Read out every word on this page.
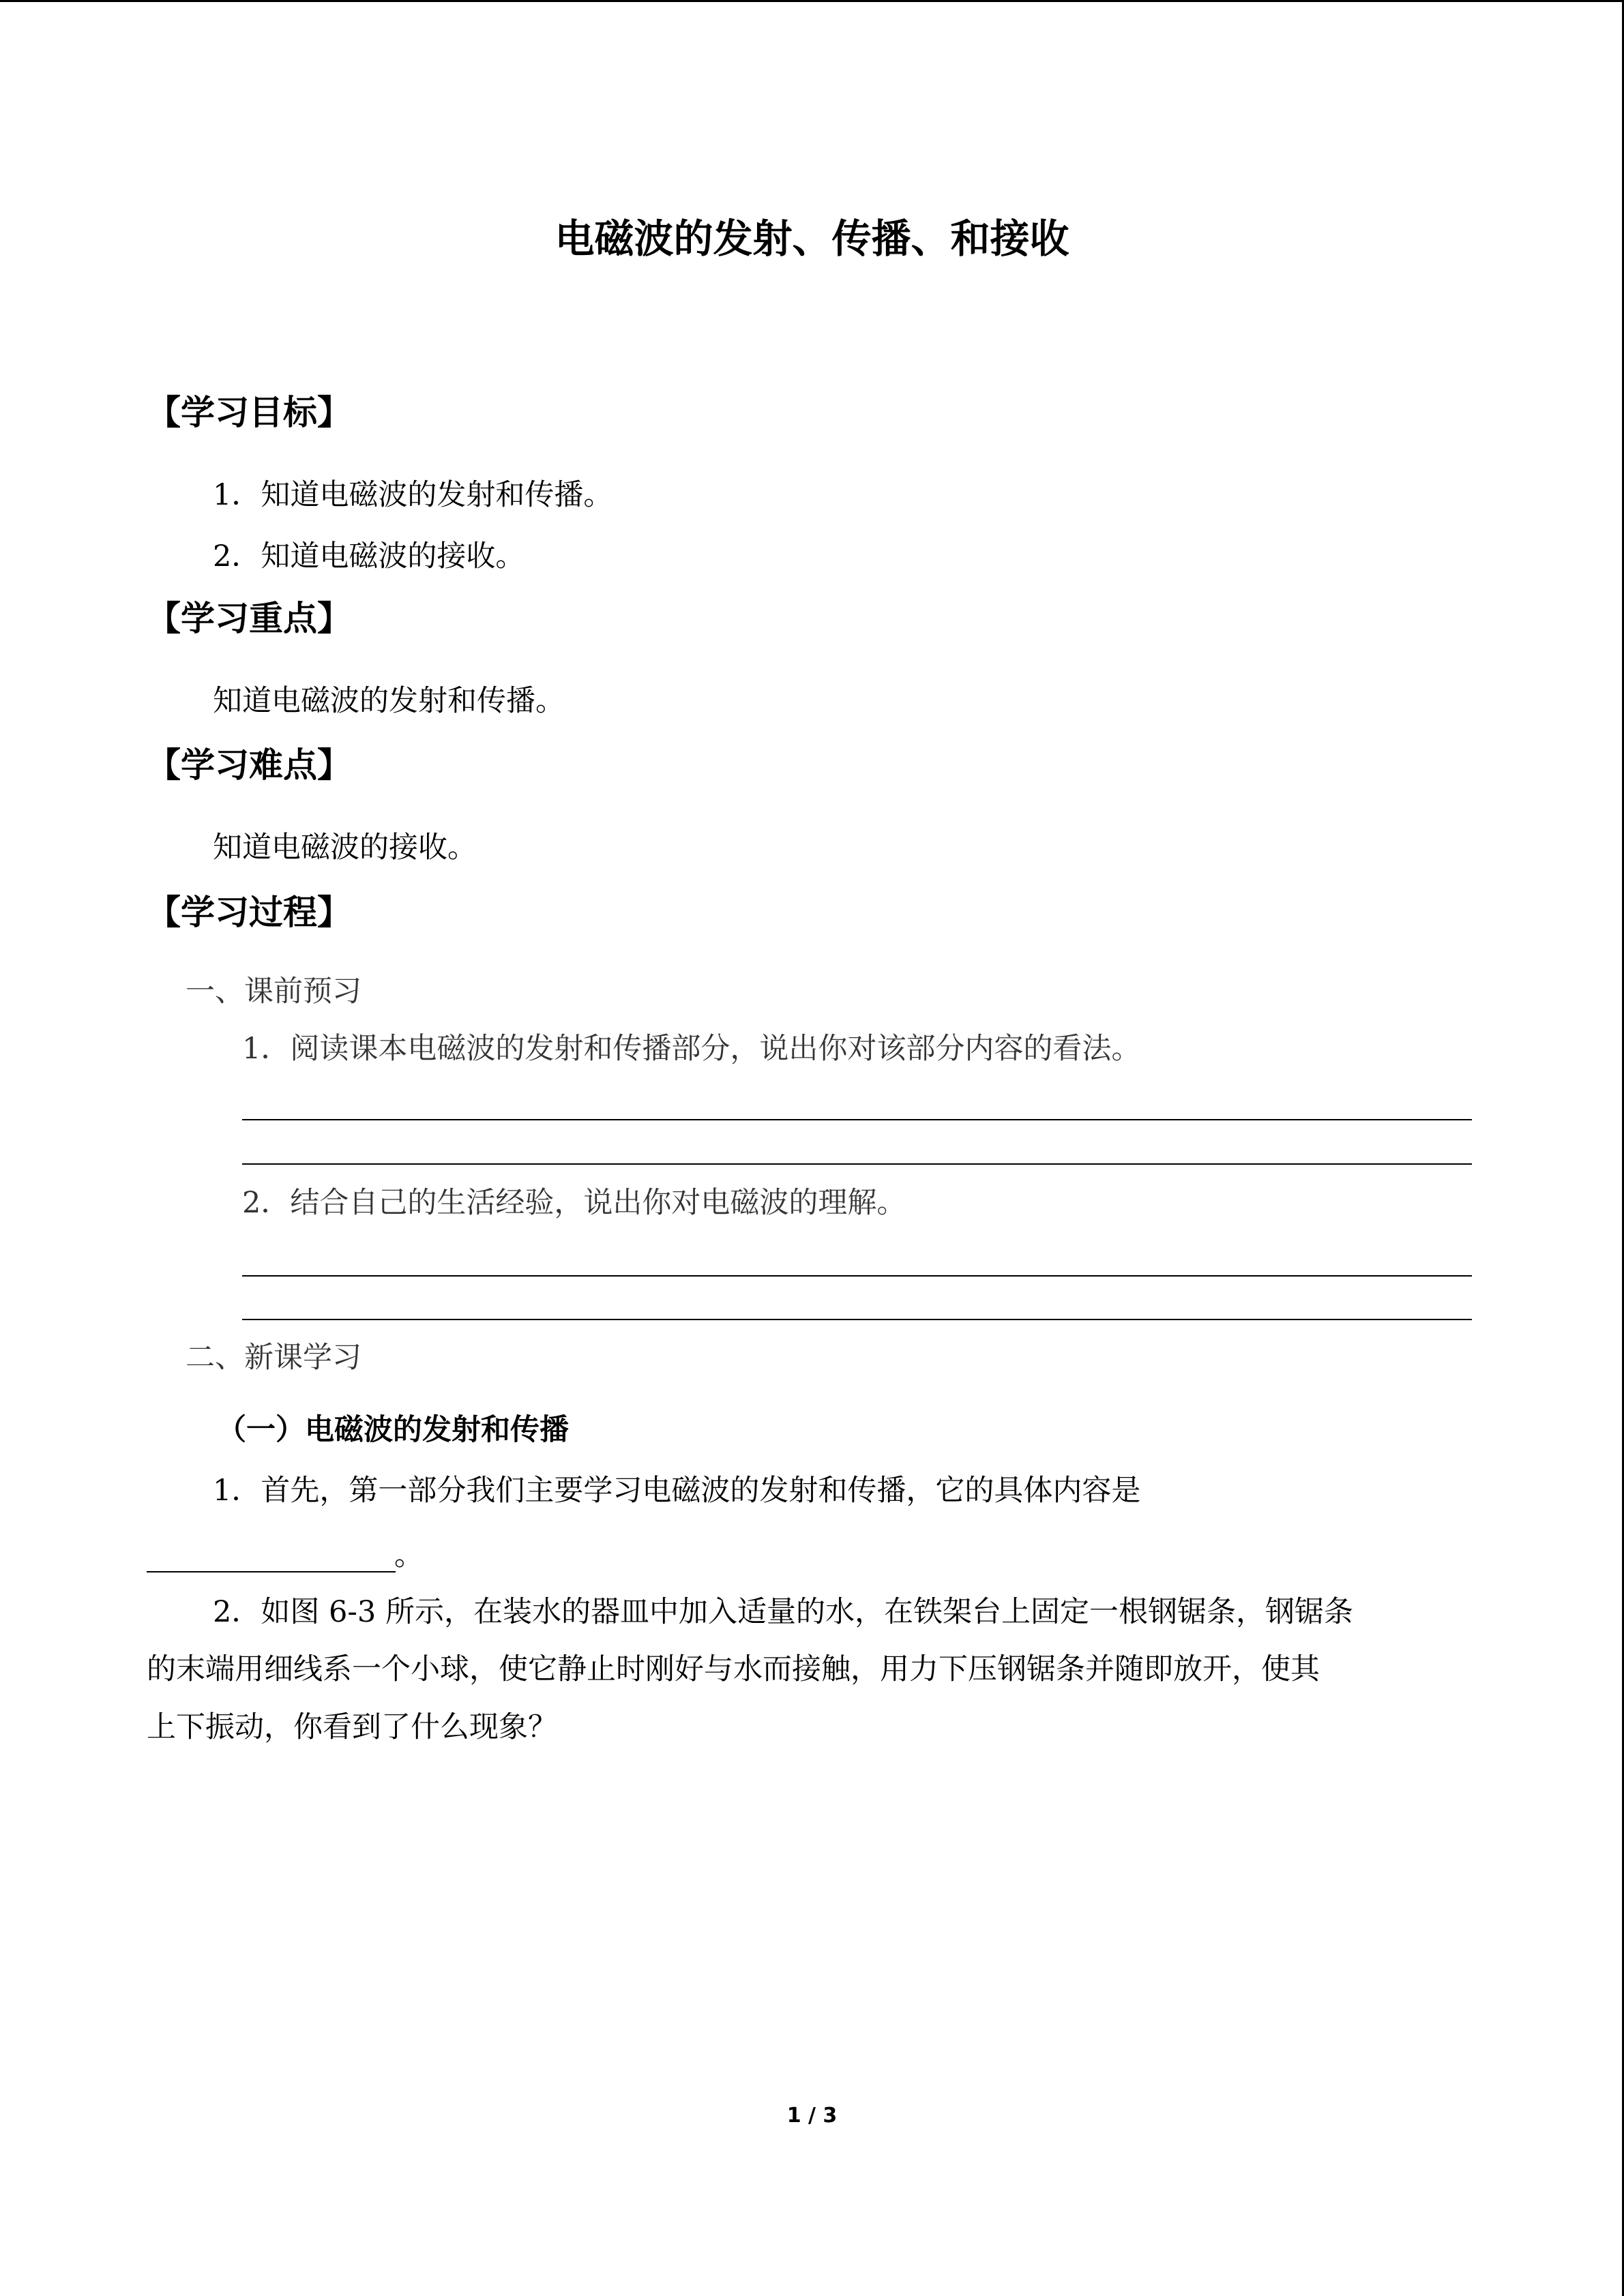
电磁波的发射、传播、和接收
【学习目标】
1．知道电磁波的发射和传播。
2．知道电磁波的接收。
【学习重点】
知道电磁波的发射和传播。
【学习难点】
知道电磁波的接收。
【学习过程】
一、课前预习
1．阅读课本电磁波的发射和传播部分，说出你对该部分内容的看法。
2．结合自己的生活经验，说出你对电磁波的理解。
二、新课学习
（一）电磁波的发射和传播
1．首先，第一部分我们主要学习电磁波的发射和传播，它的具体内容是
。
2．如图 6-3 所示，在装水的器皿中加入适量的水，在铁架台上固定一根钢锯条，钢锯条
的末端用细线系一个小球，使它静止时刚好与水而接触，用力下压钢锯条并随即放开，使其
上下振动，你看到了什么现象？
1 / 3
